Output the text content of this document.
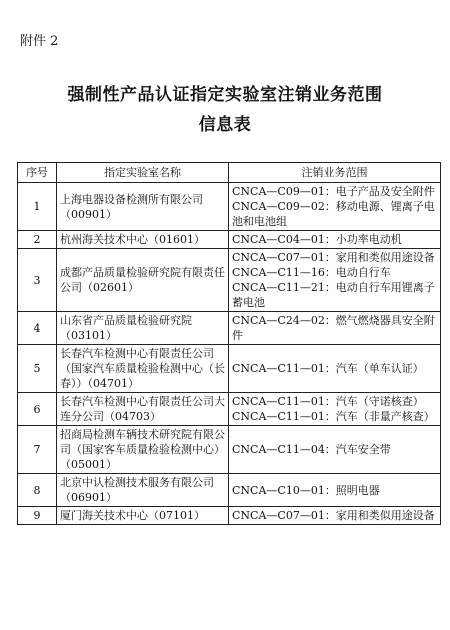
附件 2
强制性产品认证指定实验室注销业务范围
信息表
序号	指定实验室名称	注销业务范围
1	上海电器设备检测所有限公司（00901）	CNCA—C09—01：电子产品及安全附件
CNCA—C09—02：移动电源、锂离子电池和电池组

2	杭州海关技术中心（01601）	CNCA—C04—01：小功率电动机

3	成都产品质量检验研究院有限责任公司（02601）	CNCA—C07—01：家用和类似用途设备
CNCA—C11—16：电动自行车
CNCA—C11—21：电动自行车用锂离子蓄电池

4	山东省产品质量检验研究院（03101）	CNCA—C24—02：燃气燃烧器具安全附件

5	长春汽车检测中心有限责任公司（国家汽车质量检验检测中心（长春））（04701）	CNCA—C11—01：汽车（单车认证）

6	长春汽车检测中心有限责任公司大连分公司（04703）	CNCA—C11—01：汽车（守诺核查）
CNCA—C11—01：汽车（非量产核查）

7	招商局检测车辆技术研究院有限公司（国家客车质量检验检测中心）（05001）	CNCA—C11—04：汽车安全带

8	北京中认检测技术服务有限公司（06901）	CNCA—C10—01：照明电器

9	厦门海关技术中心（07101）	CNCA—C07—01：家用和类似用途设备
